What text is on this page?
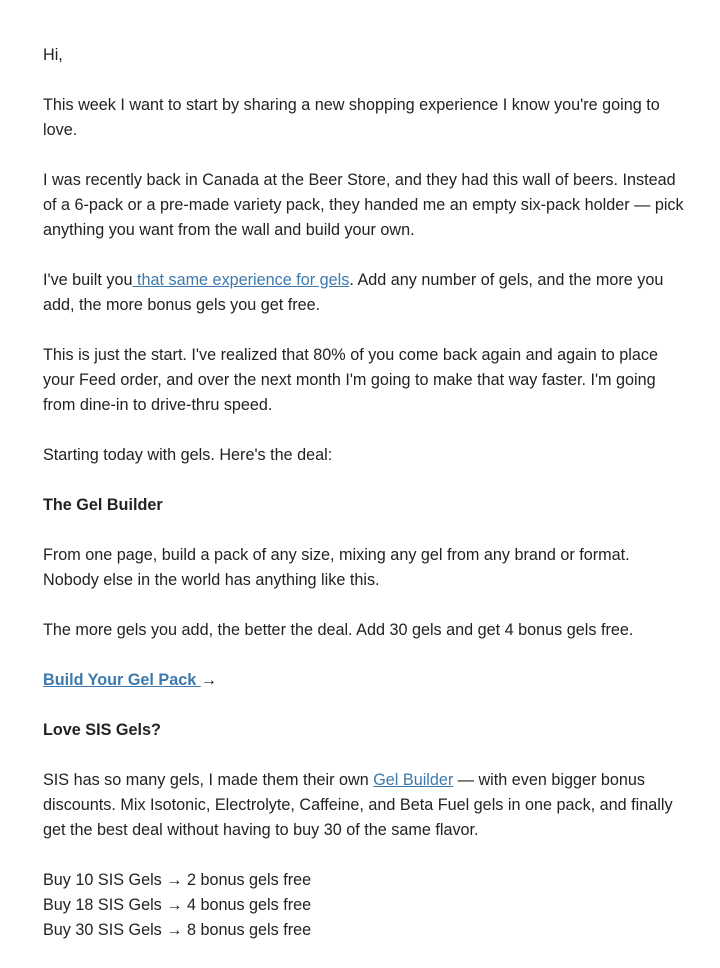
Hi,

This week I want to start by sharing a new shopping experience I know you're going to love.

I was recently back in Canada at the Beer Store, and they had this wall of beers. Instead of a 6-pack or a pre-made variety pack, they handed me an empty six-pack holder — pick anything you want from the wall and build your own.

I've built you that same experience for gels. Add any number of gels, and the more you add, the more bonus gels you get free.

This is just the start. I've realized that 80% of you come back again and again to place your Feed order, and over the next month I'm going to make that way faster. I'm going from dine-in to drive-thru speed.

Starting today with gels. Here's the deal:

The Gel Builder

From one page, build a pack of any size, mixing any gel from any brand or format. Nobody else in the world has anything like this.

The more gels you add, the better the deal. Add 30 gels and get 4 bonus gels free.

Build Your Gel Pack →

Love SIS Gels?

SIS has so many gels, I made them their own Gel Builder — with even bigger bonus discounts. Mix Isotonic, Electrolyte, Caffeine, and Beta Fuel gels in one pack, and finally get the best deal without having to buy 30 of the same flavor.

Buy 10 SIS Gels → 2 bonus gels free
Buy 18 SIS Gels → 4 bonus gels free
Buy 30 SIS Gels → 8 bonus gels free
